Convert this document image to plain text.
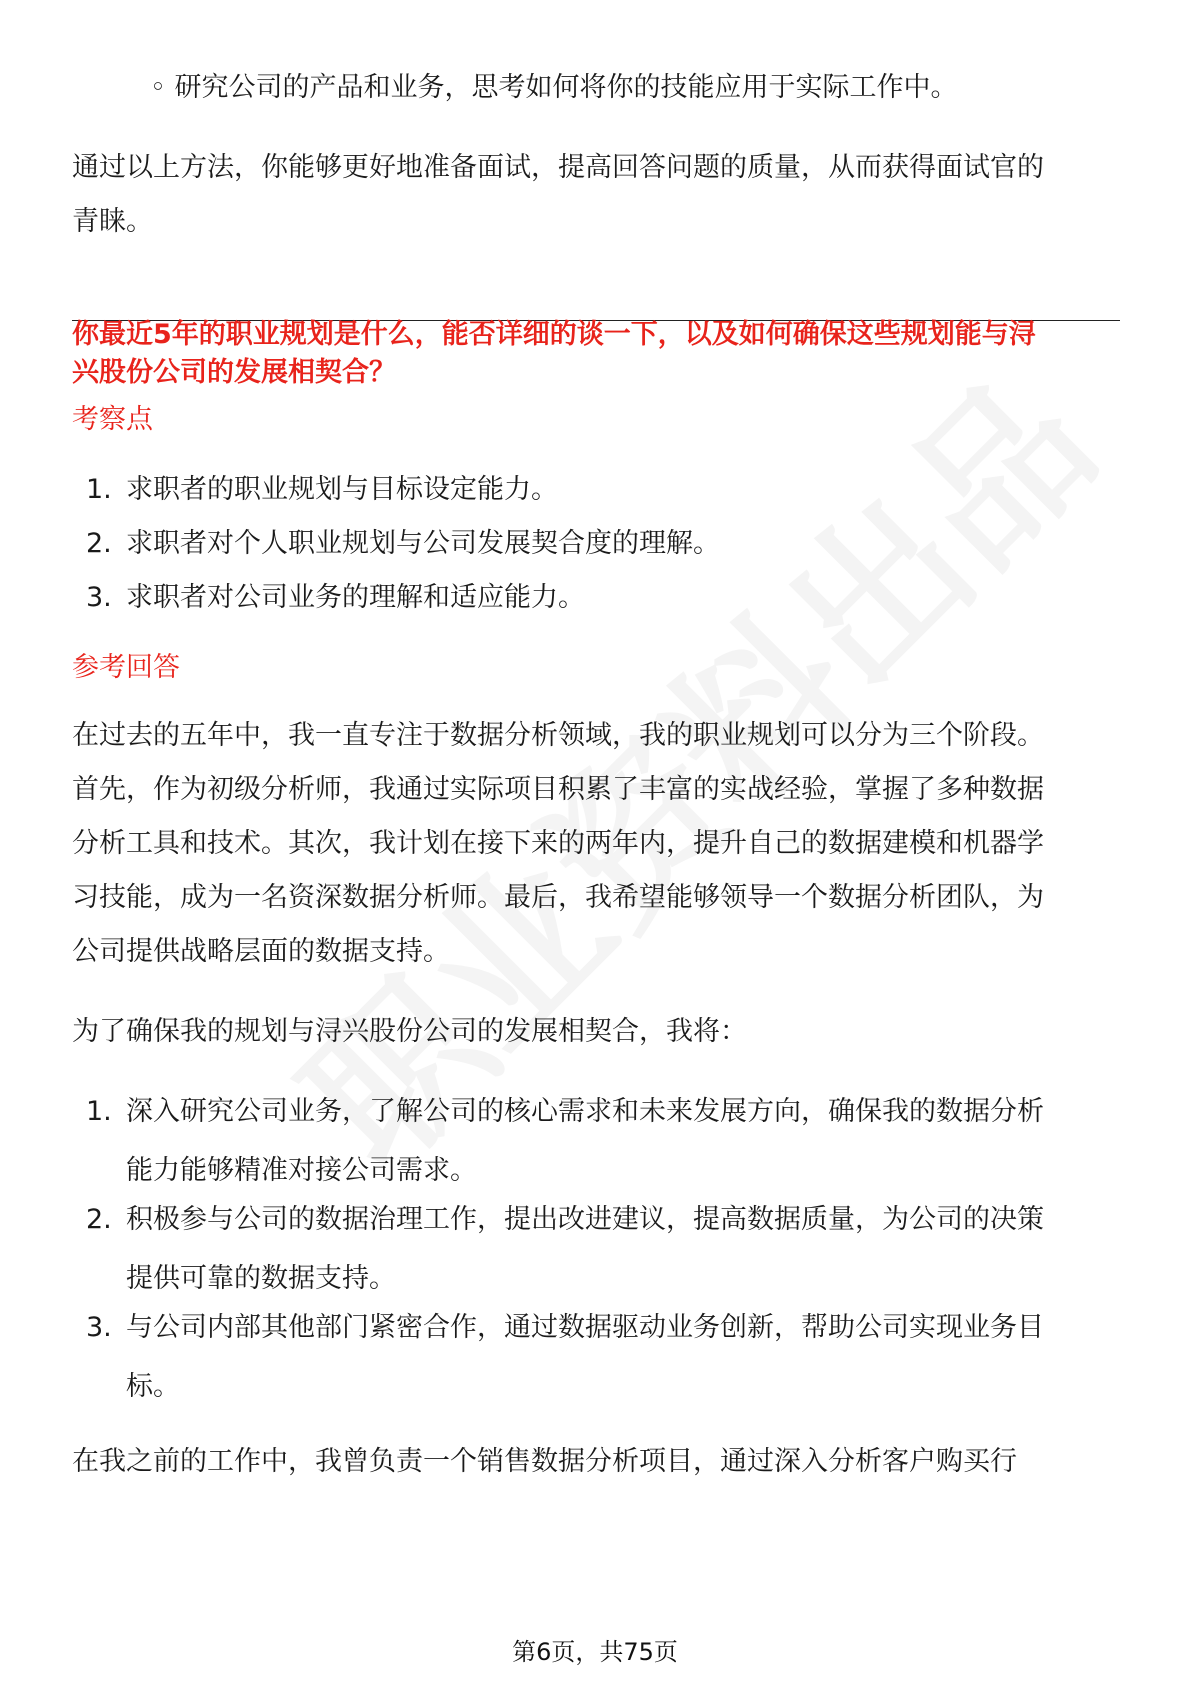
◦ 研究公司的产品和业务，思考如何将你的技能应用于实际工作中。
通过以上方法，你能够更好地准备面试，提高回答问题的质量，从而获得面试官的
青睐。
你最近5年的职业规划是什么，能否详细的谈一下，以及如何确保这些规划能与浔
兴股份公司的发展相契合？
考察点
1. 求职者的职业规划与目标设定能力。
2. 求职者对个人职业规划与公司发展契合度的理解。
3. 求职者对公司业务的理解和适应能力。
参考回答
在过去的五年中，我一直专注于数据分析领域，我的职业规划可以分为三个阶段。
首先，作为初级分析师，我通过实际项目积累了丰富的实战经验，掌握了多种数据
分析工具和技术。其次，我计划在接下来的两年内，提升自己的数据建模和机器学
习技能，成为一名资深数据分析师。最后，我希望能够领导一个数据分析团队，为
公司提供战略层面的数据支持。
为了确保我的规划与浔兴股份公司的发展相契合，我将：
1. 深入研究公司业务，了解公司的核心需求和未来发展方向，确保我的数据分析
能力能够精准对接公司需求。
2. 积极参与公司的数据治理工作，提出改进建议，提高数据质量，为公司的决策
提供可靠的数据支持。
3. 与公司内部其他部门紧密合作，通过数据驱动业务创新，帮助公司实现业务目
标。
在我之前的工作中，我曾负责一个销售数据分析项目，通过深入分析客户购买行
第6页，共75页
